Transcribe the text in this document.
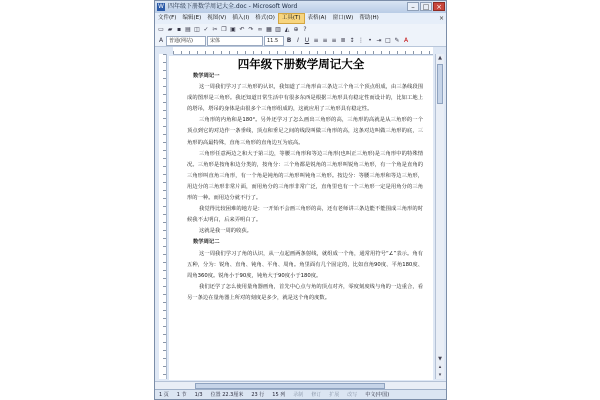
W 四年级下册数学周记大全.doc - Microsoft Word	–	□ ×
文件(F)	编辑(E)	视图(V)	插入(I)	格式(O)	工具(T)	表格(A)	窗口(W)	帮助(H)	×
▭ ▰ ▪ ▤ ◫ ✓ ✂ ❐ ▣ ↶ ↷ ∞ ▦ ▥ ◭ ⊕ ?
A	普通(网站)	宋体	11.5	B I U ≡ ≡ ≡ ≣ ↕ ⋮ • ⇥ □ ✎ A
四年级下册数学周记大全

数学周记一

这一周我们学习了三角形的认识，我知道了三角形由三条边三个角三个顶点组成，由三条线段围成的图形是三角形。我还知道日常生活中有很多东西是根据三角形具有稳定性而设计的，比如工地上的塔吊，塔吊的身体是由很多个三角形组成的，这就应用了三角形具有稳定性。

三角形的内角和是180°。另外还学习了怎么画出三角形的高，三角形的高就是从三角形的一个顶点到它的对边作一条垂线，顶点和垂足之间的线段叫做三角形的高，这条对边叫做三角形的底，三角形的高最特殊，直角三角形的直角边互为底高。

三角形任意两边之和大于第三边，等腰三角形和等边三角形(也叫正三角形)是三角形中的特殊情况。三角形是按角和边分类的，按角分：三个角都是锐角的三角形叫锐角三角形，有一个角是直角的三角形叫直角三角形，有一个角是钝角的三角形叫钝角三角形。按边分：等腰三角形和等边三角形，用边分的三角形非常片面，而用角分的三角形非常广泛，直角里也有一个三角形一定是用角分的三角形的一种。而用边分就不行了。

我觉得比较困难的地方是：一开始不会画三角形的高，还有老师讲三条边能不能围成三角形的时候我不太明白，后来弄明白了。

这就是我一周的收获。

数学周记二

这一周我们学习了角的认识，从一点起画两条射线，就组成一个角，通常用符号“∠”表示。角有五种，分为：锐角、直角、钝角、平角、周角。角里面有几个固定的，比如直角90度、平角180度、周角360度。锐角小于90度，钝角大于90度小于180度。

我们还学了怎么使用量角器画角，首先中心点与角的顶点对齐，零度刻度线与角的一边重合，看另一条边在量角器上所对的刻度是多少，就是这个角的度数。

▲
▼
▴
▾
1 页	1 节	1/3	位置 22.3厘米	23 行	15 列	录制	修订	扩展	改写	中文(中国)
